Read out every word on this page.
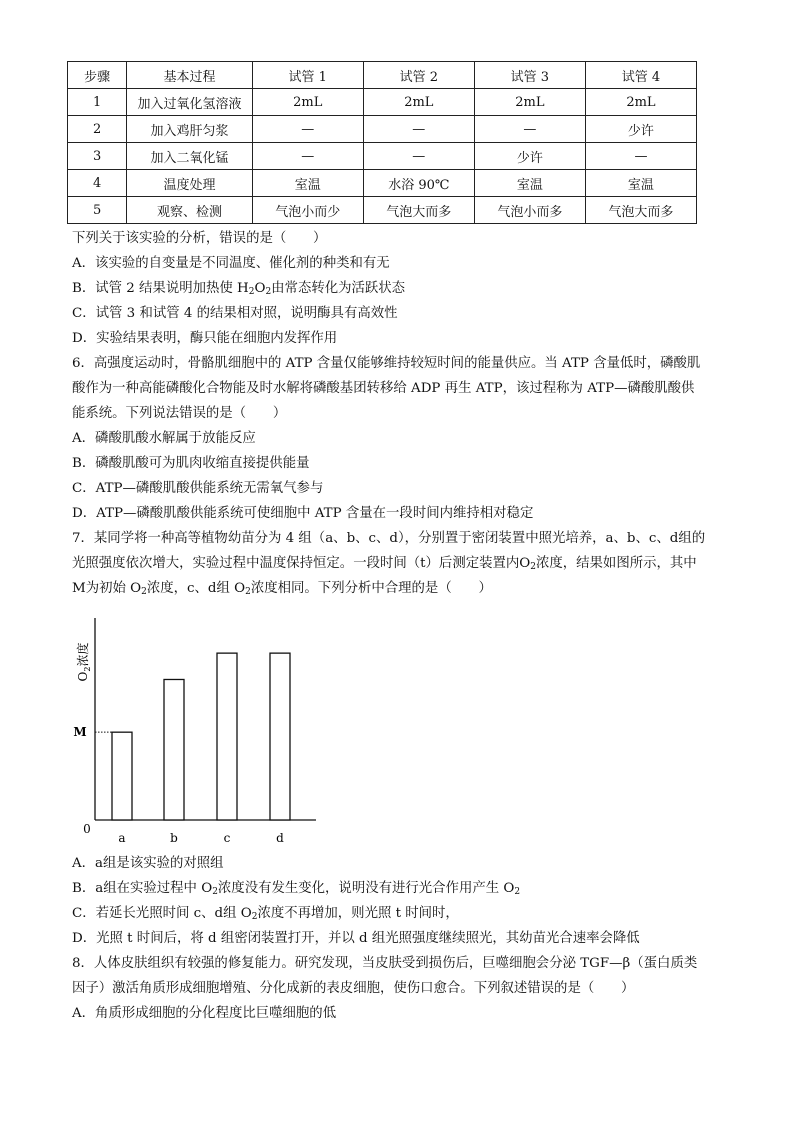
步骤	基本过程	试管 1	试管 2	试管 3	试管 4
1	加入过氧化氢溶液	2mL	2mL	2mL	2mL
2	加入鸡肝匀浆	—	—	—	少许
3	加入二氧化锰	—	—	少许	—
4	温度处理	室温	水浴 90℃	室温	室温
5	观察、检测	气泡小而少	气泡大而多	气泡小而多	气泡大而多
下列关于该实验的分析，错误的是（　　）
A．该实验的自变量是不同温度、催化剂的种类和有无
B．试管 2 结果说明加热使 $H_2O_2$由常态转化为活跃状态
C．试管 3 和试管 4 的结果相对照，说明酶具有高效性
D．实验结果表明，酶只能在细胞内发挥作用
6．高强度运动时，骨骼肌细胞中的 ATP 含量仅能够维持较短时间的能量供应。当 ATP 含量低时，磷酸肌
酸作为一种高能磷酸化合物能及时水解将磷酸基团转移给 ADP 再生 ATP，该过程称为 ATP—磷酸肌酸供
能系统。下列说法错误的是（　　）
A．磷酸肌酸水解属于放能反应
B．磷酸肌酸可为肌肉收缩直接提供能量
C．ATP—磷酸肌酸供能系统无需氧气参与
D．ATP—磷酸肌酸供能系统可使细胞中 ATP 含量在一段时间内维持相对稳定
7．某同学将一种高等植物幼苗分为 4 组（a、b、c、d），分别置于密闭装置中照光培养，a、b、c、d组的
光照强度依次增大，实验过程中温度保持恒定。一段时间（t）后测定装置内$O_2$浓度，结果如图所示，其中
M为初始 $O_2$浓度，c、d组 $O_2$浓度相同。下列分析中合理的是（　　）
$O_2$浓度
0
M
a	b	c	d
A．a组是该实验的对照组
B．a组在实验过程中 $O_2$浓度没有发生变化，说明没有进行光合作用产生 $O_2$
C．若延长光照时间 c、d组 $O_2$浓度不再增加，则光照 t 时间时，
D．光照 t 时间后，将 d 组密闭装置打开，并以 d 组光照强度继续照光，其幼苗光合速率会降低
8．人体皮肤组织有较强的修复能力。研究发现，当皮肤受到损伤后，巨噬细胞会分泌 TGF—β（蛋白质类
因子）激活角质形成细胞增殖、分化成新的表皮细胞，使伤口愈合。下列叙述错误的是（　　）
A．角质形成细胞的分化程度比巨噬细胞的低
